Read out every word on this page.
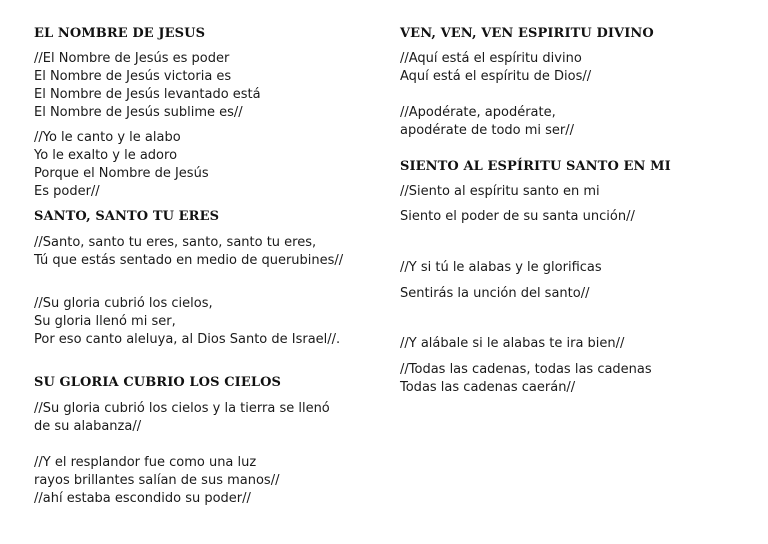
EL NOMBRE DE JESUS
//El Nombre de Jesús es poder
El Nombre de Jesús victoria es
El Nombre de Jesús levantado está
El Nombre de Jesús sublime es//
//Yo le canto y le alabo
Yo le exalto y le adoro
Porque el Nombre de Jesús
Es poder//
SANTO, SANTO TU ERES
//Santo, santo tu eres, santo, santo tu eres,
Tú que estás sentado en medio de querubines//
//Su gloria cubrió los cielos,
Su gloria llenó mi ser,
Por eso canto aleluya, al Dios Santo de Israel//.
SU GLORIA CUBRIO LOS CIELOS
//Su gloria cubrió los cielos y la tierra se llenó
de su alabanza//
//Y el resplandor fue como una luz
rayos brillantes salían de sus manos//
//ahí estaba escondido su poder//
VEN, VEN, VEN ESPIRITU DIVINO
//Aquí está el espíritu divino
Aquí está el espíritu de Dios//
//Apodérate, apodérate,
apodérate de todo mi ser//
SIENTO AL ESPÍRITU SANTO EN MI
//Siento al espíritu santo en mi
Siento el poder de su santa unción//
//Y si tú le alabas y le glorificas
Sentirás la unción del santo//
//Y alábale si le alabas te ira bien//
//Todas las cadenas, todas las cadenas
Todas las cadenas caerán//
